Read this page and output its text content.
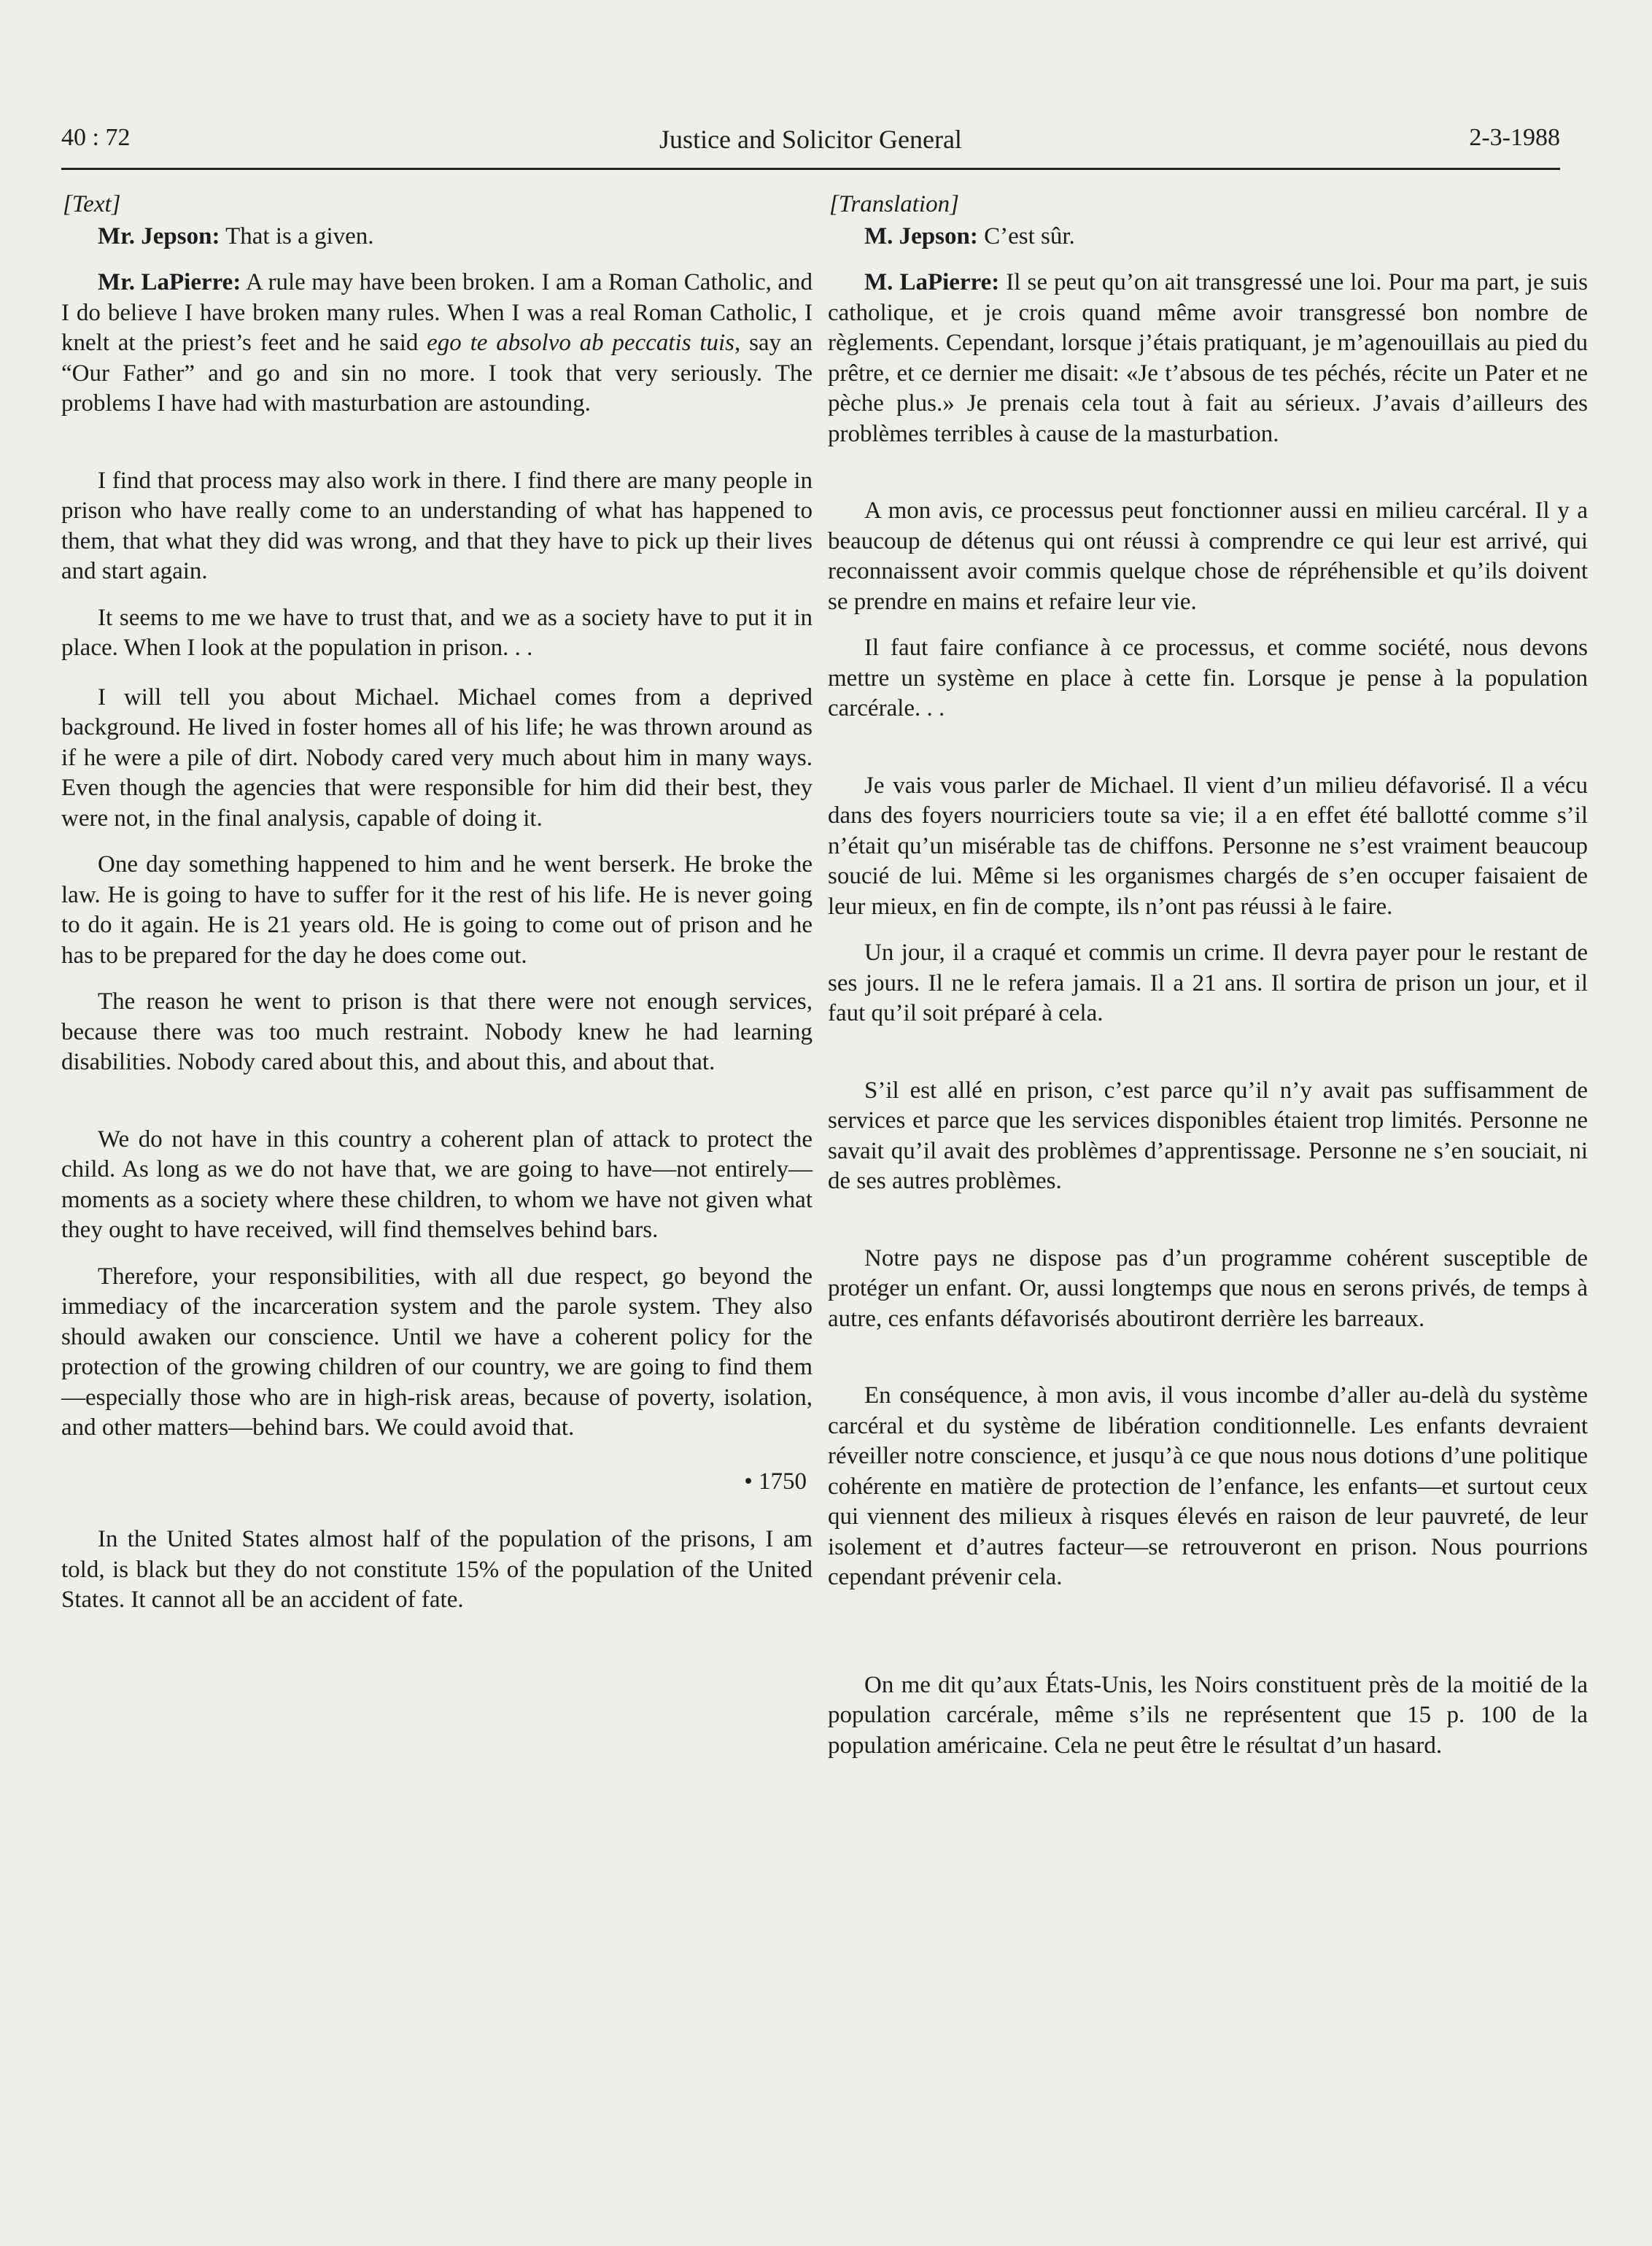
40 : 72	Justice and Solicitor General	2-3-1988
[Text]

Mr. Jepson: That is a given.

Mr. LaPierre: A rule may have been broken. I am a Roman Catholic, and I do believe I have broken many rules. When I was a real Roman Catholic, I knelt at the priest’s feet and he said ego te absolvo ab peccatis tuis, say an “Our Father” and go and sin no more. I took that very seriously. The problems I have had with masturbation are astounding.

I find that process may also work in there. I find there are many people in prison who have really come to an understanding of what has happened to them, that what they did was wrong, and that they have to pick up their lives and start again.

It seems to me we have to trust that, and we as a society have to put it in place. When I look at the population in prison. . .

I will tell you about Michael. Michael comes from a deprived background. He lived in foster homes all of his life; he was thrown around as if he were a pile of dirt. Nobody cared very much about him in many ways. Even though the agencies that were responsible for him did their best, they were not, in the final analysis, capable of doing it.

One day something happened to him and he went berserk. He broke the law. He is going to have to suffer for it the rest of his life. He is never going to do it again. He is 21 years old. He is going to come out of prison and he has to be prepared for the day he does come out.

The reason he went to prison is that there were not enough services, because there was too much restraint. Nobody knew he had learning disabilities. Nobody cared about this, and about this, and about that.

We do not have in this country a coherent plan of attack to protect the child. As long as we do not have that, we are going to have—not entirely—moments as a society where these children, to whom we have not given what they ought to have received, will find themselves behind bars.

Therefore, your responsibilities, with all due respect, go beyond the immediacy of the incarceration system and the parole system. They also should awaken our conscience. Until we have a coherent policy for the protection of the growing children of our country, we are going to find them—especially those who are in high-risk areas, because of poverty, isolation, and other matters—behind bars. We could avoid that.

• 1750

In the United States almost half of the population of the prisons, I am told, is black but they do not constitute 15% of the population of the United States. It cannot all be an accident of fate.

[Translation]

M. Jepson: C’est sûr.

M. LaPierre: Il se peut qu’on ait transgressé une loi. Pour ma part, je suis catholique, et je crois quand même avoir transgressé bon nombre de règlements. Cependant, lorsque j’étais pratiquant, je m’agenouillais au pied du prêtre, et ce dernier me disait: «Je t’absous de tes péchés, récite un Pater et ne pèche plus.» Je prenais cela tout à fait au sérieux. J’avais d’ailleurs des problèmes terribles à cause de la masturbation.

A mon avis, ce processus peut fonctionner aussi en milieu carcéral. Il y a beaucoup de détenus qui ont réussi à comprendre ce qui leur est arrivé, qui reconnaissent avoir commis quelque chose de répréhensible et qu’ils doivent se prendre en mains et refaire leur vie.

Il faut faire confiance à ce processus, et comme société, nous devons mettre un système en place à cette fin. Lorsque je pense à la population carcérale. . .

Je vais vous parler de Michael. Il vient d’un milieu défavorisé. Il a vécu dans des foyers nourriciers toute sa vie; il a en effet été ballotté comme s’il n’était qu’un misérable tas de chiffons. Personne ne s’est vraiment beaucoup soucié de lui. Même si les organismes chargés de s’en occuper faisaient de leur mieux, en fin de compte, ils n’ont pas réussi à le faire.

Un jour, il a craqué et commis un crime. Il devra payer pour le restant de ses jours. Il ne le refera jamais. Il a 21 ans. Il sortira de prison un jour, et il faut qu’il soit préparé à cela.

S’il est allé en prison, c’est parce qu’il n’y avait pas suffisamment de services et parce que les services disponibles étaient trop limités. Personne ne savait qu’il avait des problèmes d’apprentissage. Personne ne s’en souciait, ni de ses autres problèmes.

Notre pays ne dispose pas d’un programme cohérent susceptible de protéger un enfant. Or, aussi longtemps que nous en serons privés, de temps à autre, ces enfants défavorisés aboutiront derrière les barreaux.

En conséquence, à mon avis, il vous incombe d’aller au-delà du système carcéral et du système de libération conditionnelle. Les enfants devraient réveiller notre conscience, et jusqu’à ce que nous nous dotions d’une politique cohérente en matière de protection de l’enfance, les enfants—et surtout ceux qui viennent des milieux à risques élevés en raison de leur pauvreté, de leur isolement et d’autres facteur—se retrouveront en prison. Nous pourrions cependant prévenir cela.

On me dit qu’aux États-Unis, les Noirs constituent près de la moitié de la population carcérale, même s’ils ne représentent que 15 p. 100 de la population américaine. Cela ne peut être le résultat d’un hasard.
